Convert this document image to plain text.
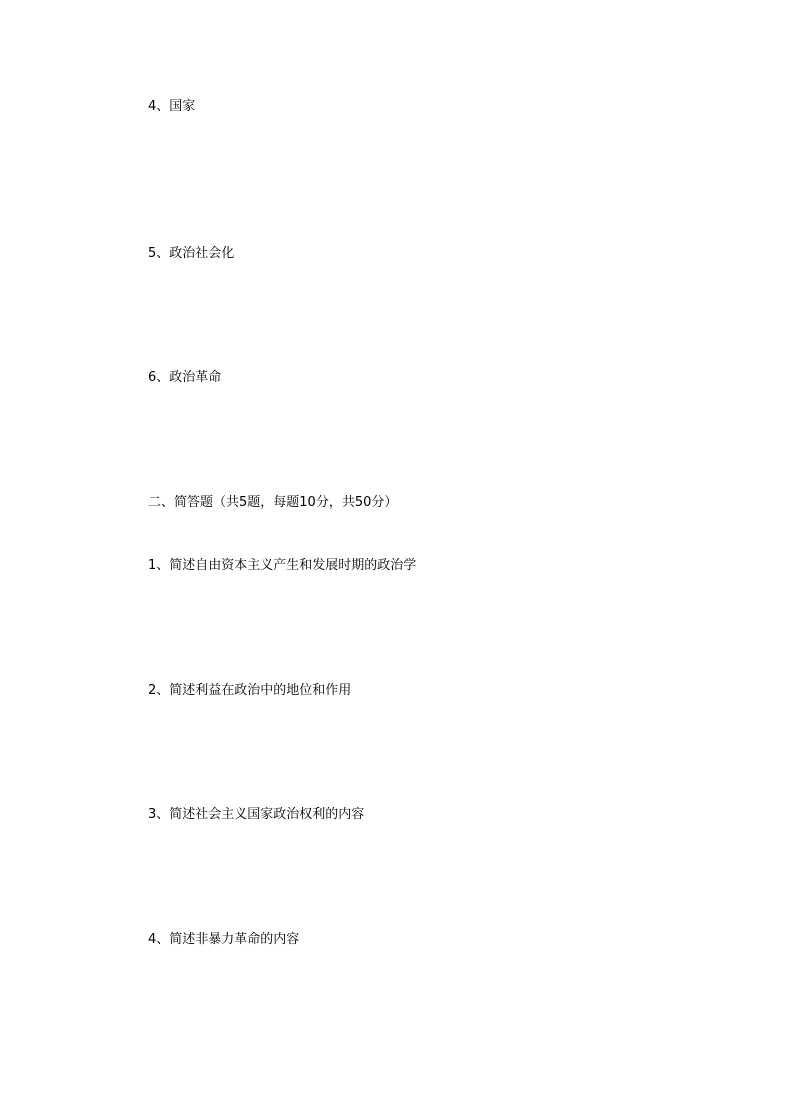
4、国家
5、政治社会化
6、政治革命
二、简答题（共5题，每题10分，共50分）
1、简述自由资本主义产生和发展时期的政治学
2、简述利益在政治中的地位和作用
3、简述社会主义国家政治权利的内容
4、简述非暴力革命的内容
